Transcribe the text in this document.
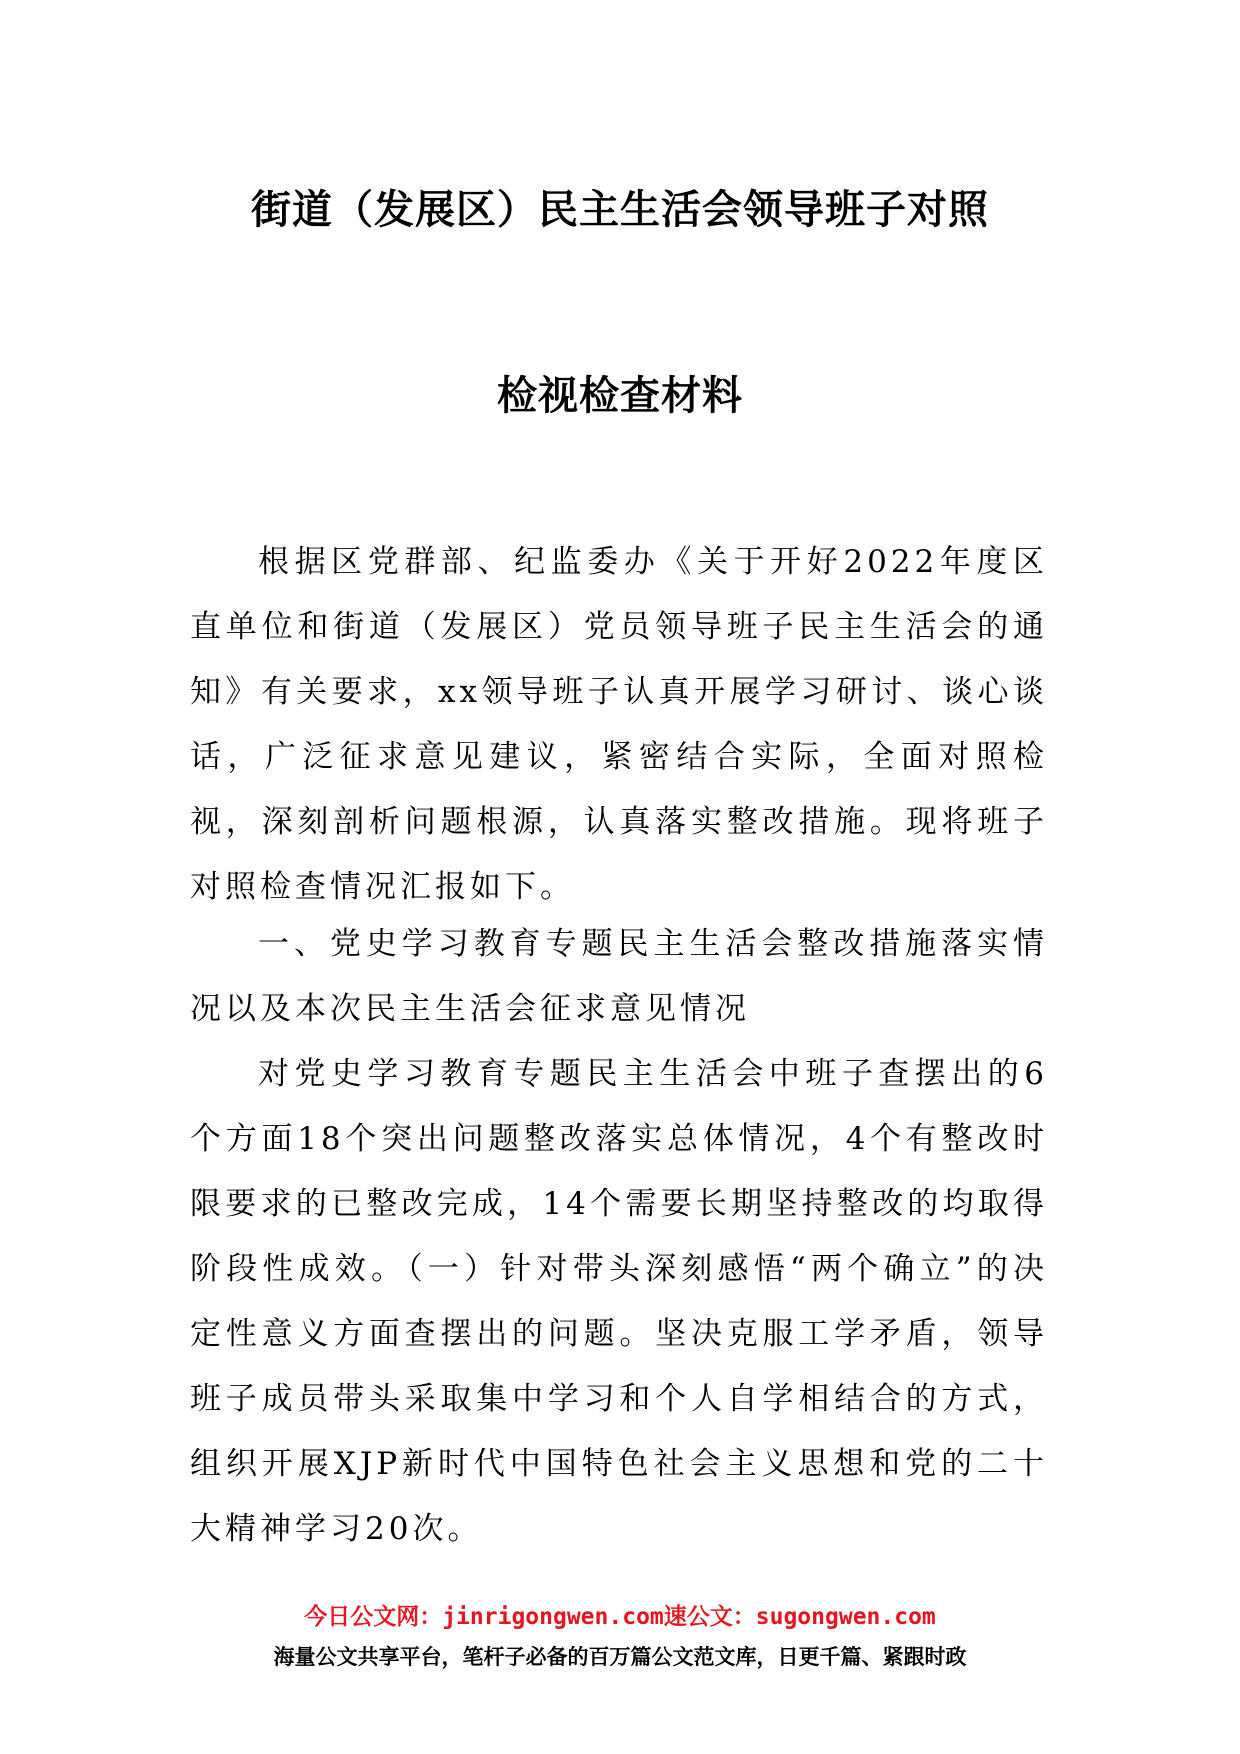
街道（发展区）民主生活会领导班子对照
检视检查材料

根据区党群部、纪监委办《关于开好2022年度区直单位和街道（发展区）党员领导班子民主生活会的通知》有关要求，xx领导班子认真开展学习研讨、谈心谈话，广泛征求意见建议，紧密结合实际，全面对照检视，深刻剖析问题根源，认真落实整改措施。现将班子对照检查情况汇报如下。

一、党史学习教育专题民主生活会整改措施落实情况以及本次民主生活会征求意见情况

对党史学习教育专题民主生活会中班子查摆出的6个方面18个突出问题整改落实总体情况，4个有整改时限要求的已整改完成，14个需要长期坚持整改的均取得阶段性成效。（一）针对带头深刻感悟“两个确立”的决定性意义方面查摆出的问题。坚决克服工学矛盾，领导班子成员带头采取集中学习和个人自学相结合的方式，组织开展XJP新时代中国特色社会主义思想和党的二十大精神学习20次。

今日公文网：jinrigongwen.com速公文：sugongwen.com
海量公文共享平台，笔杆子必备的百万篇公文范文库，日更千篇、紧跟时政
